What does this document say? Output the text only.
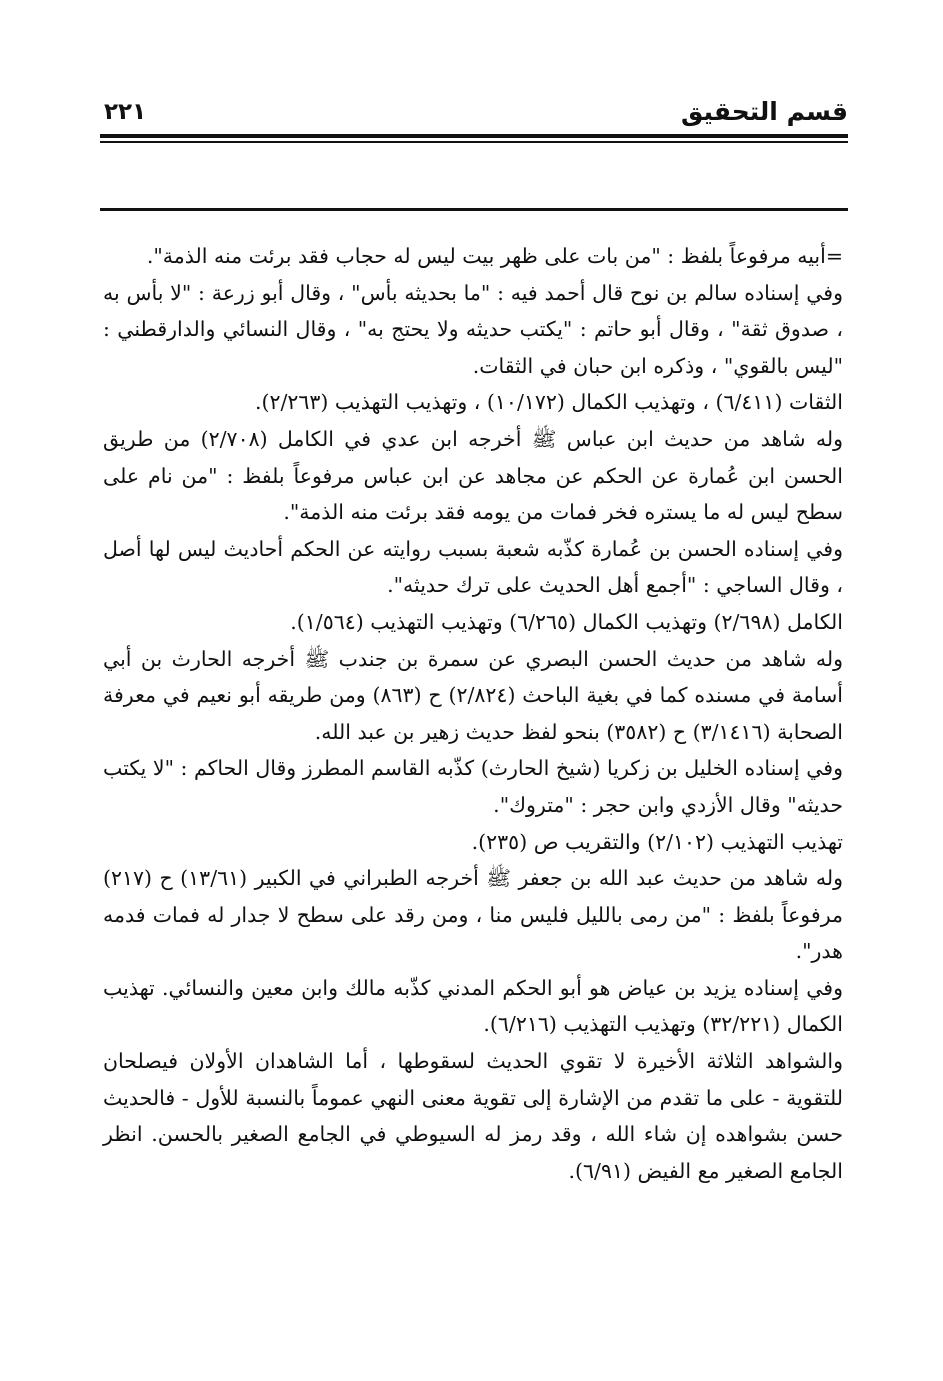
قسم التحقيق
٢٢١

=أبيه مرفوعاً بلفظ : "من بات على ظهر بيت ليس له حجاب فقد برئت منه الذمة".

وفي إسناده سالم بن نوح قال أحمد فيه : "ما بحديثه بأس" ، وقال أبو زرعة : "لا بأس به ، صدوق ثقة" ، وقال أبو حاتم : "يكتب حديثه ولا يحتج به" ، وقال النسائي والدارقطني : "ليس بالقوي" ، وذكره ابن حبان في الثقات.

الثقات (٦/٤١١) ، وتهذيب الكمال (١٠/١٧٢) ، وتهذيب التهذيب (٢/٢٦٣).

وله شاهد من حديث ابن عباس ﷺ أخرجه ابن عدي في الكامل (٢/٧٠٨) من طريق الحسن ابن عُمارة عن الحكم عن مجاهد عن ابن عباس مرفوعاً بلفظ : "من نام على سطح ليس له ما يستره فخر فمات من يومه فقد برئت منه الذمة".

وفي إسناده الحسن بن عُمارة كذّبه شعبة بسبب روايته عن الحكم أحاديث ليس لها أصل ، وقال الساجي : "أجمع أهل الحديث على ترك حديثه".

الكامل (٢/٦٩٨) وتهذيب الكمال (٦/٢٦٥) وتهذيب التهذيب (١/٥٦٤).

وله شاهد من حديث الحسن البصري عن سمرة بن جندب ﷺ أخرجه الحارث بن أبي أسامة في مسنده كما في بغية الباحث (٢/٨٢٤) ح (٨٦٣) ومن طريقه أبو نعيم في معرفة الصحابة (٣/١٤١٦) ح (٣٥٨٢) بنحو لفظ حديث زهير بن عبد الله.

وفي إسناده الخليل بن زكريا (شيخ الحارث) كذّبه القاسم المطرز وقال الحاكم : "لا يكتب حديثه" وقال الأزدي وابن حجر : "متروك".

تهذيب التهذيب (٢/١٠٢) والتقريب ص (٢٣٥).

وله شاهد من حديث عبد الله بن جعفر ﷺ أخرجه الطبراني في الكبير (١٣/٦١) ح (٢١٧) مرفوعاً بلفظ : "من رمى بالليل فليس منا ، ومن رقد على سطح لا جدار له فمات فدمه هدر".

وفي إسناده يزيد بن عياض هو أبو الحكم المدني كذّبه مالك وابن معين والنسائي. تهذيب الكمال (٣٢/٢٢١) وتهذيب التهذيب (٦/٢١٦).

والشواهد الثلاثة الأخيرة لا تقوي الحديث لسقوطها ، أما الشاهدان الأولان فيصلحان للتقوية - على ما تقدم من الإشارة إلى تقوية معنى النهي عموماً بالنسبة للأول - فالحديث حسن بشواهده إن شاء الله ، وقد رمز له السيوطي في الجامع الصغير بالحسن. انظر الجامع الصغير مع الفيض (٦/٩١).
